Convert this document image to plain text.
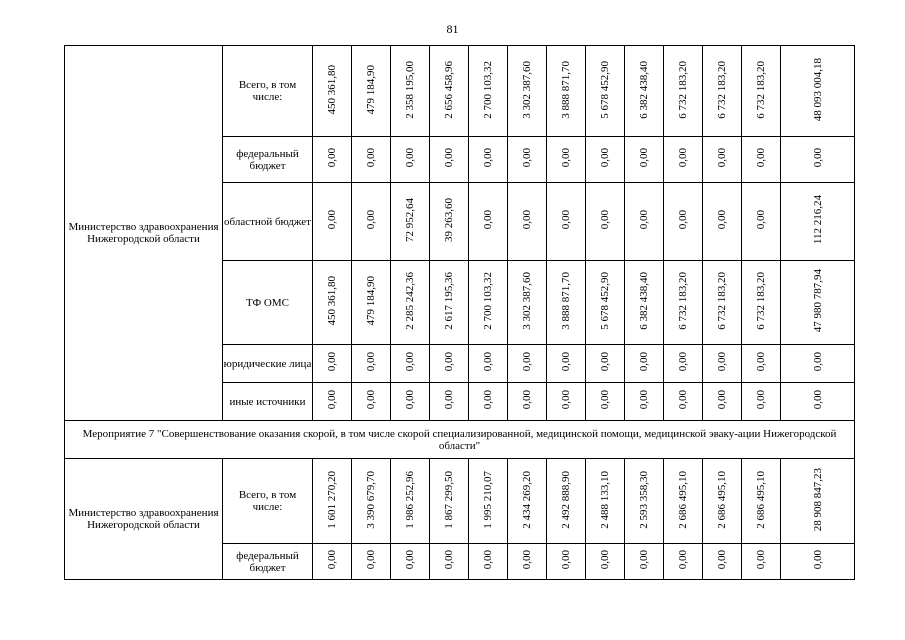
81
Министерство здравоохранения Нижегородской области	Всего, в том числе:	450 361,80	479 184,90	2 358 195,00	2 656 458,96	2 700 103,32	3 302 387,60	3 888 871,70	5 678 452,90	6 382 438,40	6 732 183,20	6 732 183,20	6 732 183,20	48 093 004,18
	федеральный бюджет	0,00	0,00	0,00	0,00	0,00	0,00	0,00	0,00	0,00	0,00	0,00	0,00	0,00
	областной бюджет	0,00	0,00	72 952,64	39 263,60	0,00	0,00	0,00	0,00	0,00	0,00	0,00	0,00	112 216,24
	ТФ ОМС	450 361,80	479 184,90	2 285 242,36	2 617 195,36	2 700 103,32	3 302 387,60	3 888 871,70	5 678 452,90	6 382 438,40	6 732 183,20	6 732 183,20	6 732 183,20	47 980 787,94
	юридические лица	0,00	0,00	0,00	0,00	0,00	0,00	0,00	0,00	0,00	0,00	0,00	0,00	0,00
	иные источники	0,00	0,00	0,00	0,00	0,00	0,00	0,00	0,00	0,00	0,00	0,00	0,00	0,00
Мероприятие 7 "Совершенствование оказания скорой, в том числе скорой специализированной, медицинской помощи, медицинской эваку-ации Нижегородской области"														
Министерство здравоохранения Нижегородской области	Всего, в том числе:	1 601 270,20	3 390 679,70	1 986 252,96	1 867 299,50	1 995 210,07	2 434 269,20	2 492 888,90	2 488 133,10	2 593 358,30	2 686 495,10	2 686 495,10	2 686 495,10	28 908 847,23
	федеральный бюджет	0,00	0,00	0,00	0,00	0,00	0,00	0,00	0,00	0,00	0,00	0,00	0,00	0,00
